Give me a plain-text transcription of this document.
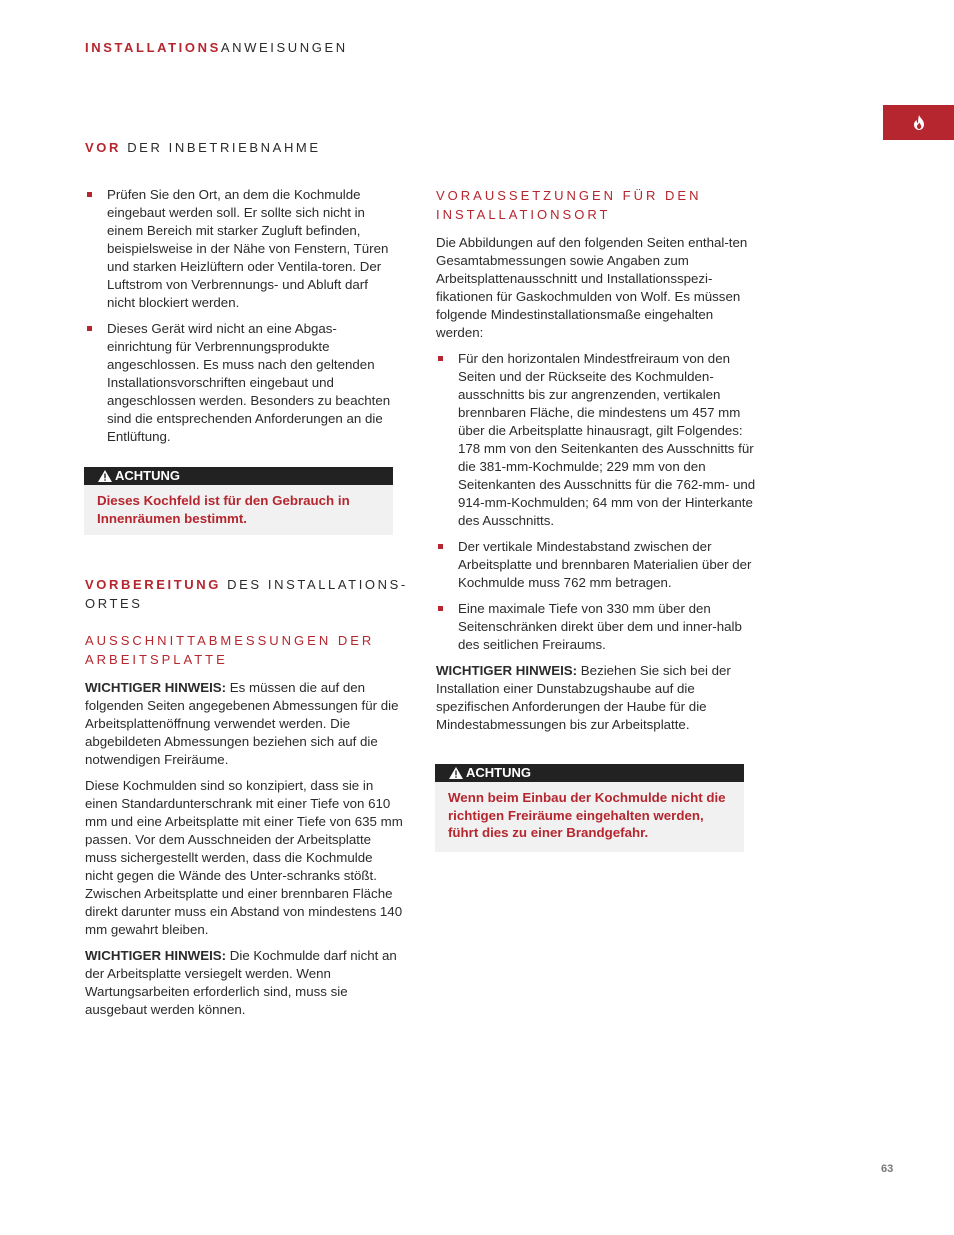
INSTALLATIONSANWEISUNGEN
VOR DER INBETRIEBNAHME
Prüfen Sie den Ort, an dem die Kochmulde eingebaut werden soll. Er sollte sich nicht in einem Bereich mit starker Zugluft befinden, beispielsweise in der Nähe von Fenstern, Türen und starken Heizlüftern oder Ventila-toren. Der Luftstrom von Verbrennungs- und Abluft darf nicht blockiert werden.
Dieses Gerät wird nicht an eine Abgas-einrichtung für Verbrennungsprodukte angeschlossen. Es muss nach den geltenden Installationsvorschriften eingebaut und angeschlossen werden. Besonders zu beachten sind die entsprechenden Anforderungen an die Entlüftung.
ACHTUNG
Dieses Kochfeld ist für den Gebrauch in Innenräumen bestimmt.
VORBEREITUNG DES INSTALLATIONS-ORTES
AUSSCHNITTABMESSUNGEN DER ARBEITSPLATTE

WICHTIGER HINWEIS: Es müssen die auf den folgenden Seiten angegebenen Abmessungen für die Arbeitsplattenöffnung verwendet werden. Die abgebildeten Abmessungen beziehen sich auf die notwendigen Freiräume.

Diese Kochmulden sind so konzipiert, dass sie in einen Standardunterschrank mit einer Tiefe von 610 mm und eine Arbeitsplatte mit einer Tiefe von 635 mm passen. Vor dem Ausschneiden der Arbeitsplatte muss sichergestellt werden, dass die Kochmulde nicht gegen die Wände des Unter-schranks stößt. Zwischen Arbeitsplatte und einer brennbaren Fläche direkt darunter muss ein Abstand von mindestens 140 mm gewahrt bleiben.

WICHTIGER HINWEIS: Die Kochmulde darf nicht an der Arbeitsplatte versiegelt werden. Wenn Wartungsarbeiten erforderlich sind, muss sie ausgebaut werden können.

VORAUSSETZUNGEN FÜR DEN INSTALLATIONSORT

Die Abbildungen auf den folgenden Seiten enthal-ten Gesamtabmessungen sowie Angaben zum Arbeitsplattenausschnitt und Installationsspezi-fikationen für Gaskochmulden von Wolf. Es müssen folgende Mindestinstallationsmaße eingehalten werden:

Für den horizontalen Mindestfreiraum von den Seiten und der Rückseite des Kochmulden-ausschnitts bis zur angrenzenden, vertikalen brennbaren Fläche, die mindestens um 457 mm über die Arbeitsplatte hinausragt, gilt Folgendes: 178 mm von den Seitenkanten des Ausschnitts für die 381-mm-Kochmulde; 229 mm von den Seitenkanten des Ausschnitts für die 762-mm- und 914-mm-Kochmulden; 64 mm von der Hinterkante des Ausschnitts.
Der vertikale Mindestabstand zwischen der Arbeitsplatte und brennbaren Materialien über der Kochmulde muss 762 mm betragen.
Eine maximale Tiefe von 330 mm über den Seitenschränken direkt über dem und inner-halb des seitlichen Freiraums.

WICHTIGER HINWEIS: Beziehen Sie sich bei der Installation einer Dunstabzugshaube auf die spezifischen Anforderungen der Haube für die Mindestabmessungen bis zur Arbeitsplatte.

ACHTUNG
Wenn beim Einbau der Kochmulde nicht die richtigen Freiräume eingehalten werden, führt dies zu einer Brandgefahr.
63
